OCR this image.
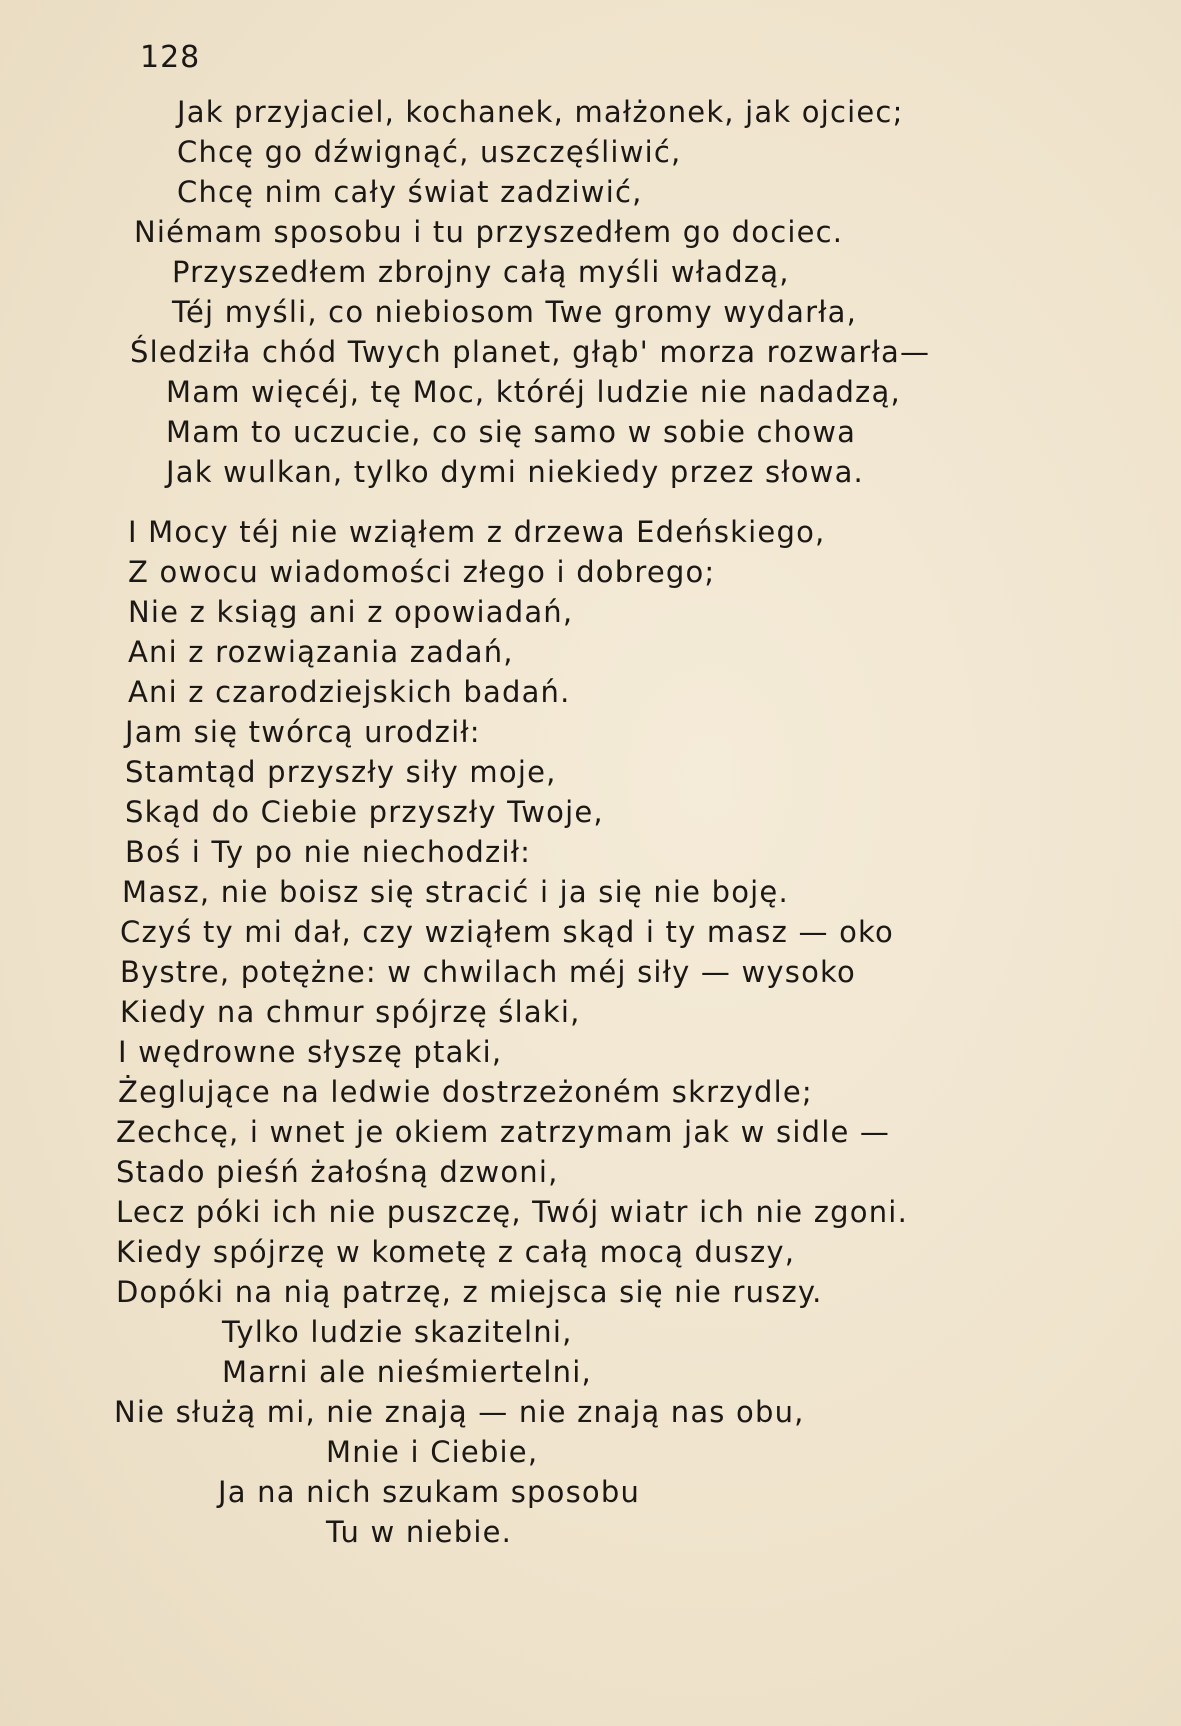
128
Jak przyjaciel, kochanek, małżonek, jak ojciec;
Chcę go dźwignąć, uszczęśliwić,
Chcę nim cały świat zadziwić,
Niémam sposobu i tu przyszedłem go dociec.
Przyszedłem zbrojny całą myśli władzą,
Téj myśli, co niebiosom Twe gromy wydarła,
Śledziła chód Twych planet, głąb' morza rozwarła—
Mam więcéj, tę Moc, któréj ludzie nie nadadzą,
Mam to uczucie, co się samo w sobie chowa
Jak wulkan, tylko dymi niekiedy przez słowa.
I Mocy téj nie wziąłem z drzewa Edeńskiego,
Z owocu wiadomości złego i dobrego;
Nie z ksiąg ani z opowiadań,
Ani z rozwiązania zadań,
Ani z czarodziejskich badań.
Jam się twórcą urodził:
Stamtąd przyszły siły moje,
Skąd do Ciebie przyszły Twoje,
Boś i Ty po nie niechodził:
Masz, nie boisz się stracić i ja się nie boję.
Czyś ty mi dał, czy wziąłem skąd i ty masz — oko
Bystre, potężne: w chwilach méj siły — wysoko
Kiedy na chmur spójrzę ślaki,
I wędrowne słyszę ptaki,
Żeglujące na ledwie dostrzeżoném skrzydle;
Zechcę, i wnet je okiem zatrzymam jak w sidle —
Stado pieśń żałośną dzwoni,
Lecz póki ich nie puszczę, Twój wiatr ich nie zgoni.
Kiedy spójrzę w kometę z całą mocą duszy,
Dopóki na nią patrzę, z miejsca się nie ruszy.
Tylko ludzie skazitelni,
Marni ale nieśmiertelni,
Nie służą mi, nie znają — nie znają nas obu,
Mnie i Ciebie,
Ja na nich szukam sposobu
Tu w niebie.
